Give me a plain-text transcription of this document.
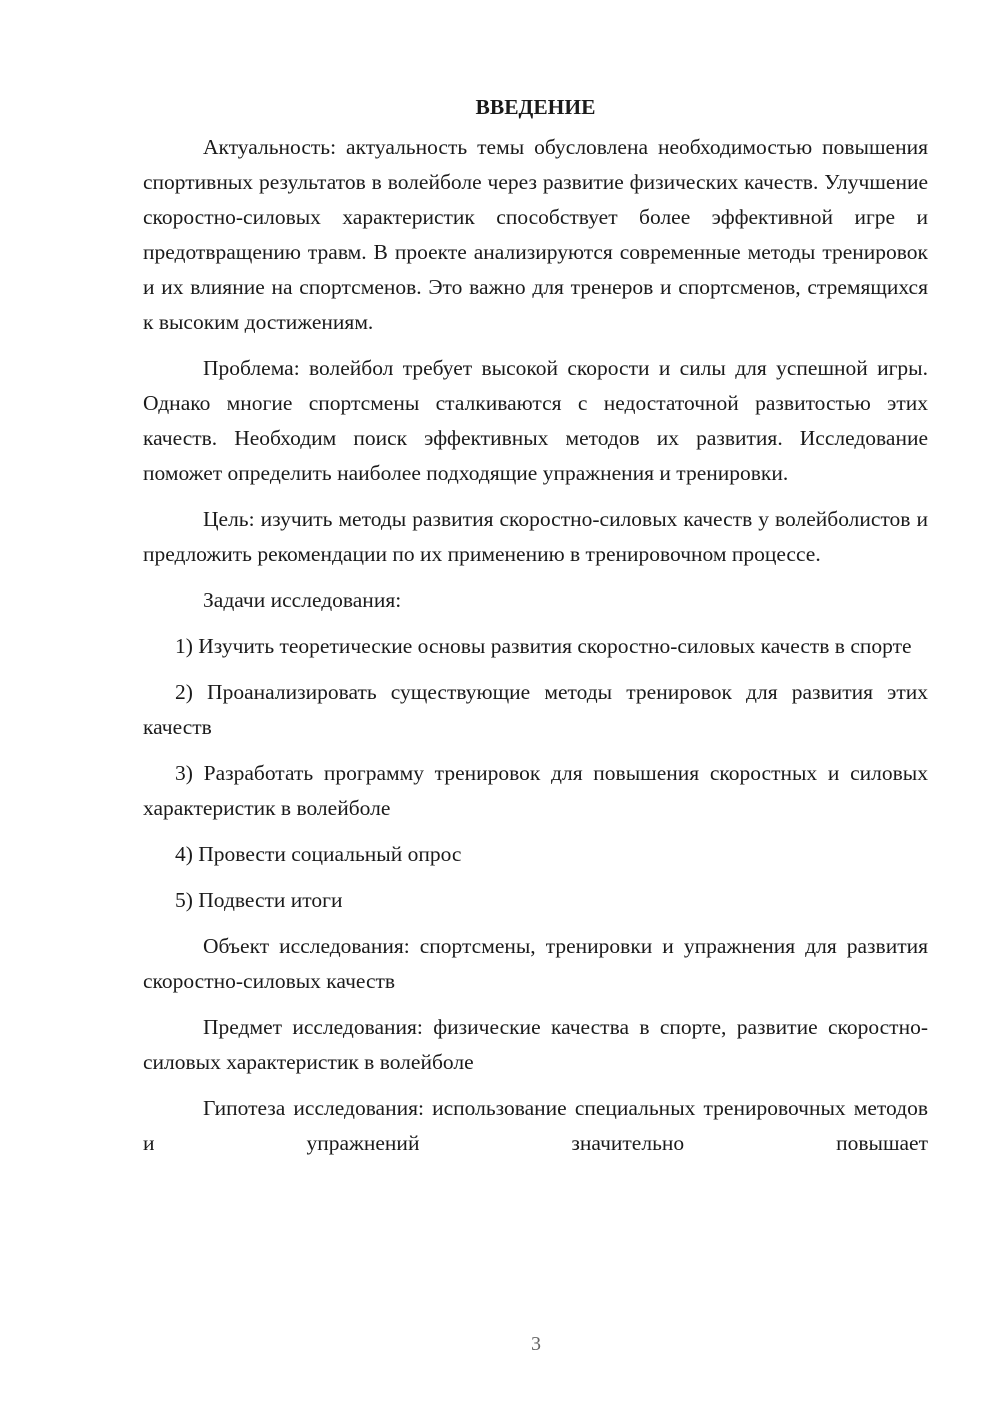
ВВЕДЕНИЕ

Актуальность: актуальность темы обусловлена необходимостью повышения спортивных результатов в волейболе через развитие физических качеств. Улучшение скоростно-силовых характеристик способствует более эффективной игре и предотвращению травм. В проекте анализируются современные методы тренировок и их влияние на спортсменов. Это важно для тренеров и спортсменов, стремящихся к высоким достижениям.

Проблема: волейбол требует высокой скорости и силы для успешной игры. Однако многие спортсмены сталкиваются с недостаточной развитостью этих качеств. Необходим поиск эффективных методов их развития. Исследование поможет определить наиболее подходящие упражнения и тренировки.

Цель: изучить методы развития скоростно-силовых качеств у волейболистов и предложить рекомендации по их применению в тренировочном процессе.

Задачи исследования:

1) Изучить теоретические основы развития скоростно-силовых качеств в спорте

2) Проанализировать существующие методы тренировок для развития этих качеств

3) Разработать программу тренировок для повышения скоростных и силовых характеристик в волейболе

4) Провести социальный опрос

5) Подвести итоги

Объект исследования: спортсмены, тренировки и упражнения для развития скоростно-силовых качеств

Предмет исследования: физические качества в спорте, развитие скоростно-силовых характеристик в волейболе

Гипотеза исследования: использование специальных тренировочных методов и упражнений значительно повышает

3
